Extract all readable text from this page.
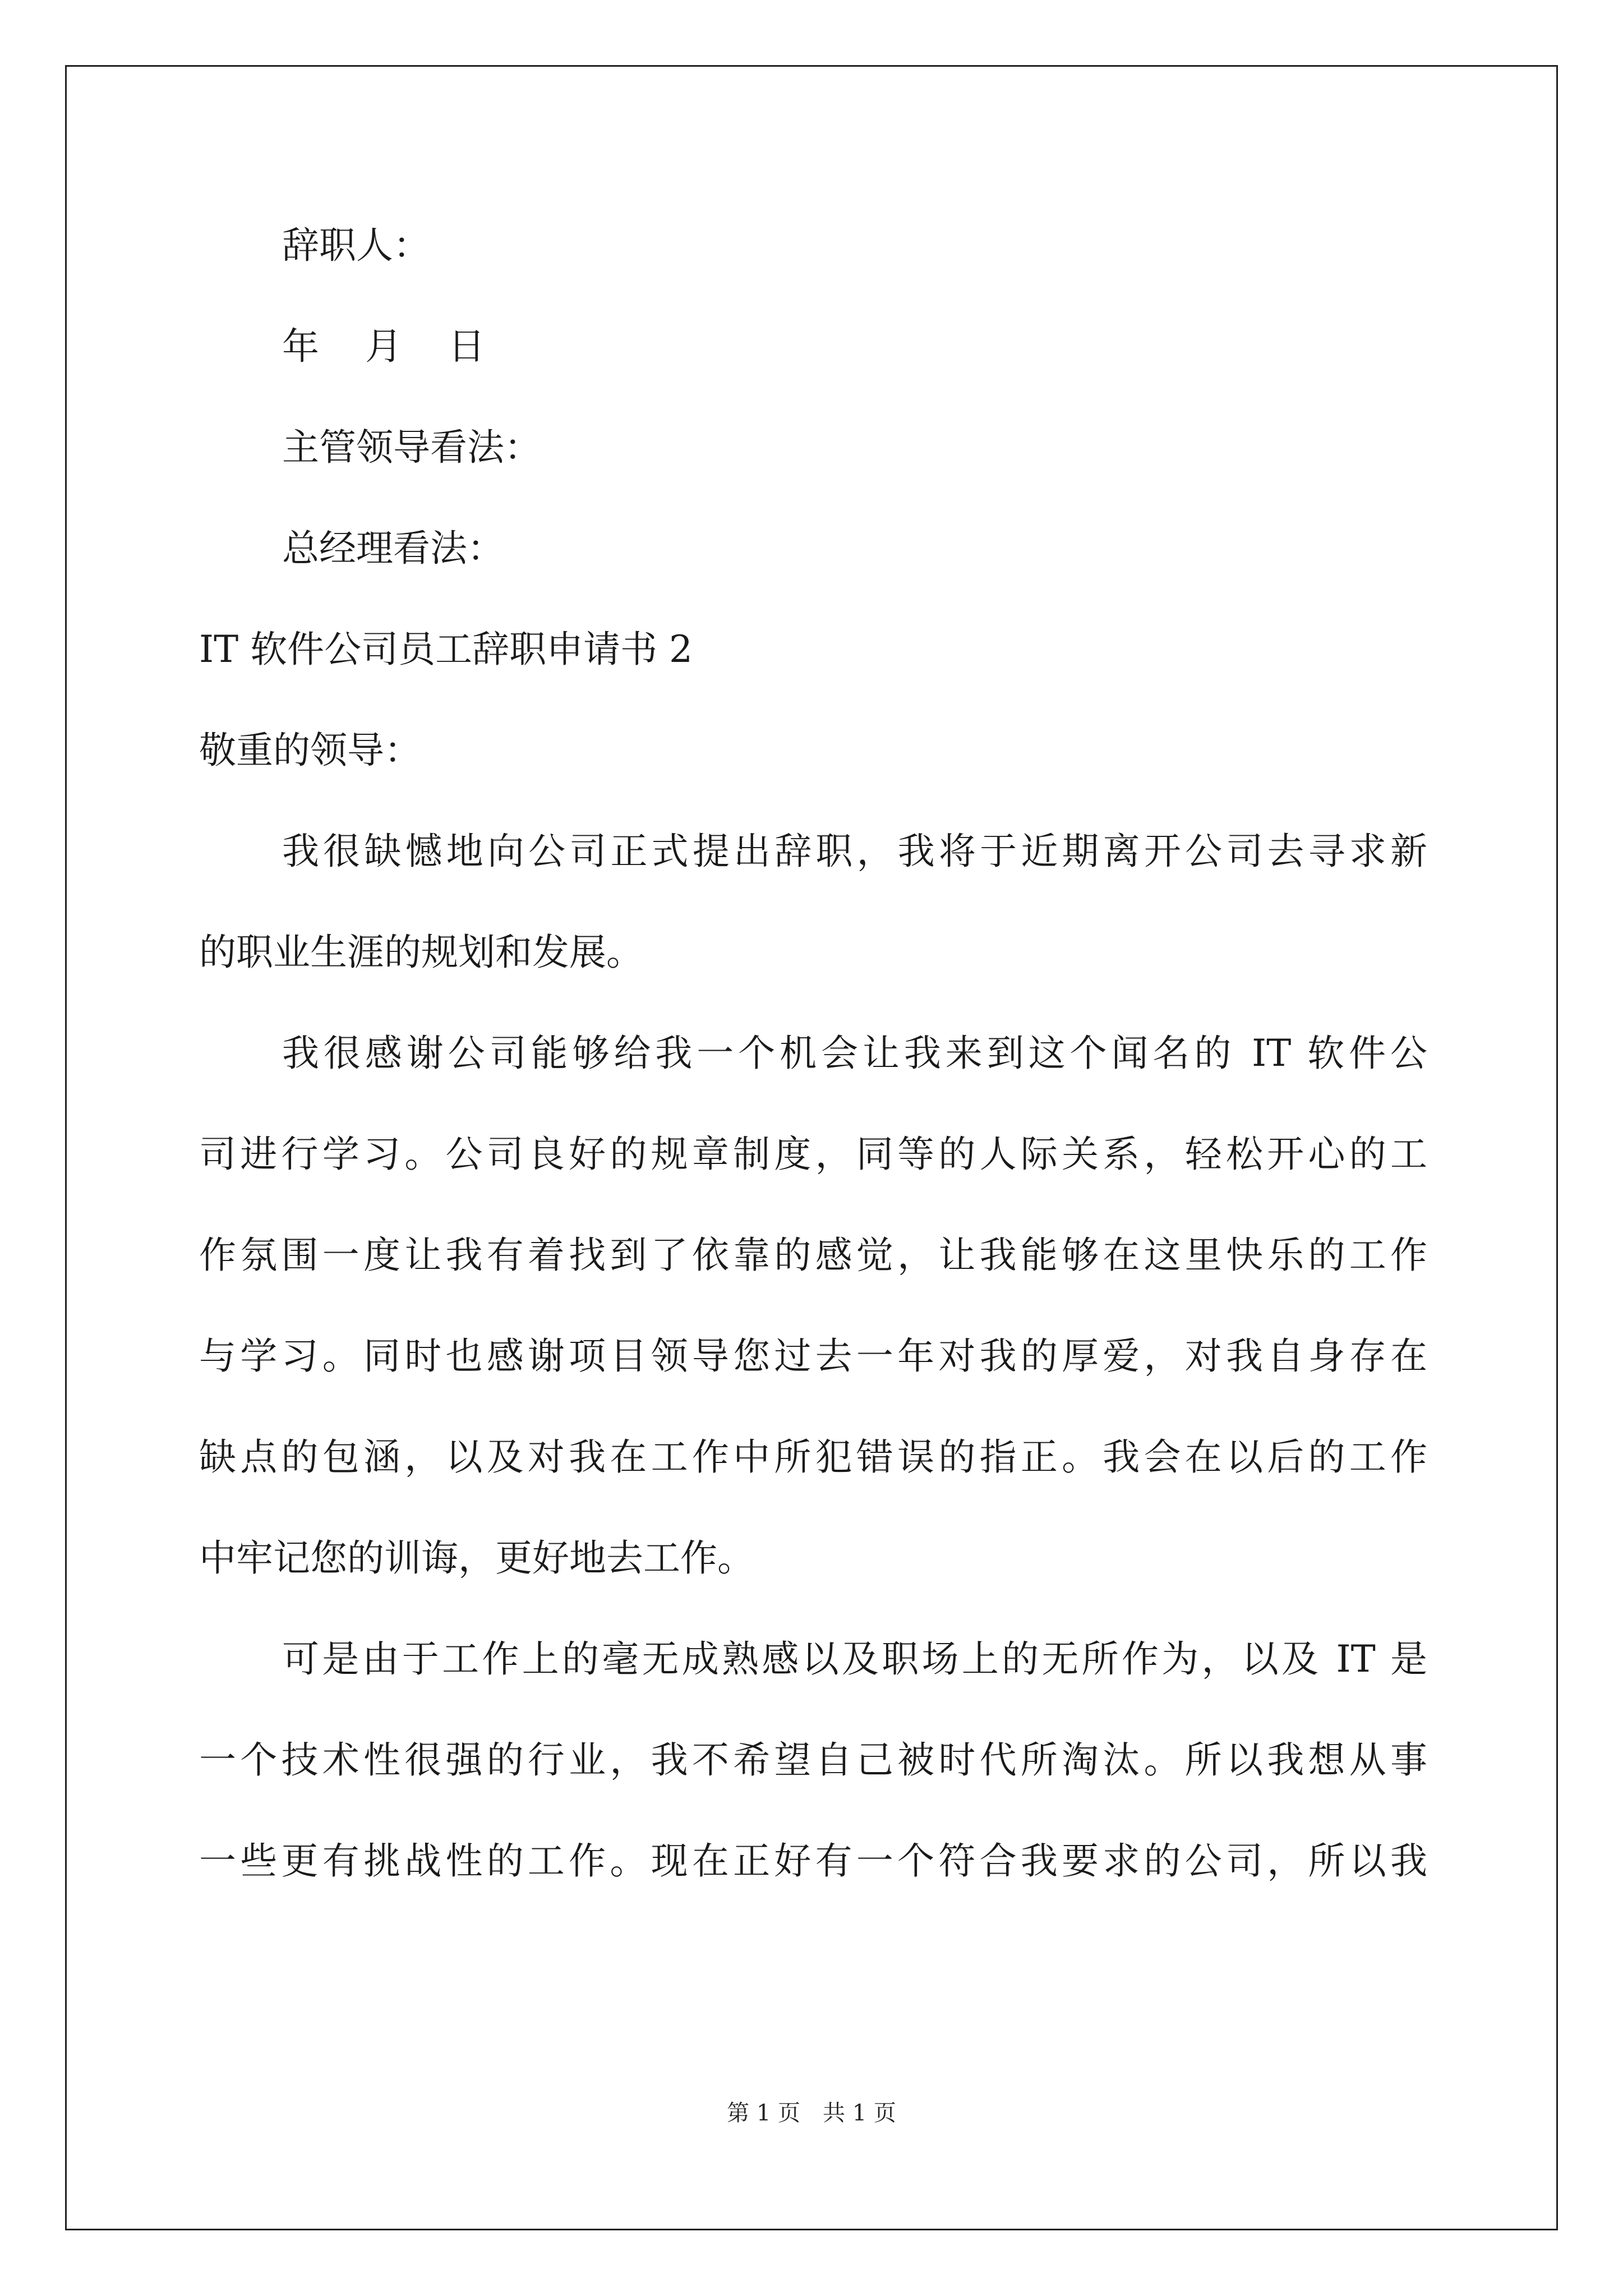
辞职人：
年 月 日
主管领导看法：
总经理看法：
IT 软件公司员工辞职申请书 2
敬重的领导：
我很缺憾地向公司正式提出辞职，我将于近期离开公司去寻求新
的职业生涯的规划和发展。
我很感谢公司能够给我一个机会让我来到这个闻名的 IT 软件公
司进行学习。公司良好的规章制度，同等的人际关系，轻松开心的工
作氛围一度让我有着找到了依靠的感觉，让我能够在这里快乐的工作
与学习。同时也感谢项目领导您过去一年对我的厚爱，对我自身存在
缺点的包涵，以及对我在工作中所犯错误的指正。我会在以后的工作
中牢记您的训诲，更好地去工作。
可是由于工作上的毫无成熟感以及职场上的无所作为，以及 IT 是
一个技术性很强的行业，我不希望自己被时代所淘汰。所以我想从事
一些更有挑战性的工作。现在正好有一个符合我要求的公司，所以我
第 1 页　共 1 页
